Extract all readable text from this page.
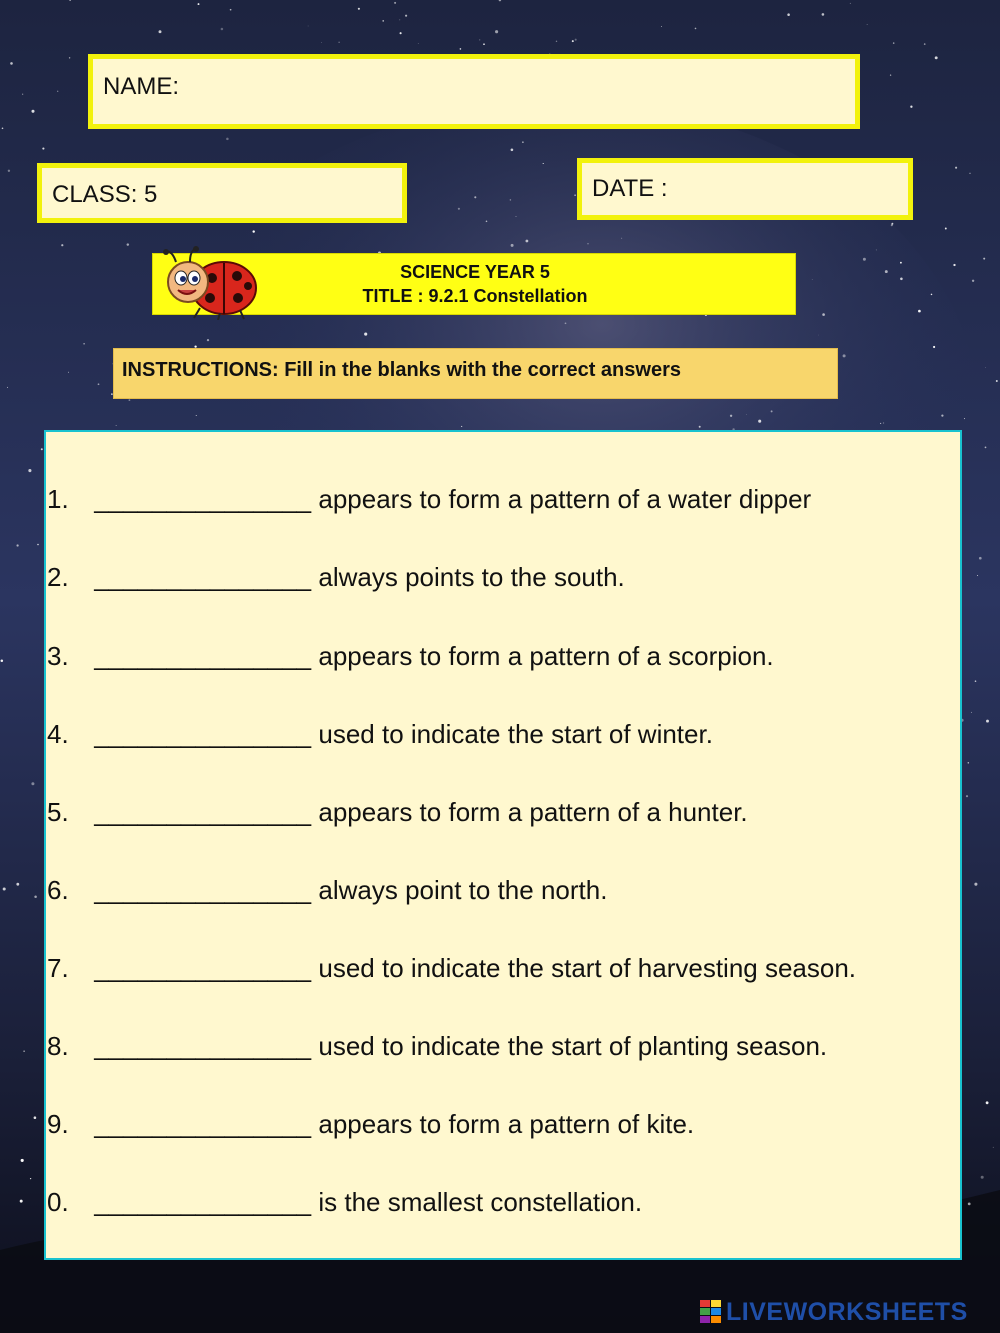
NAME:
CLASS: 5	DATE :
SCIENCE YEAR 5
TITLE : 9.2.1 Constellation
INSTRUCTIONS: Fill in the blanks with the correct answers
1. _______________ appears to form a pattern of a water dipper
2. _______________ always points to the south.
3. _______________ appears to form a pattern of a scorpion.
4. _______________ used to indicate the start of winter.
5. _______________ appears to form a pattern of a hunter.
6. _______________ always point to the north.
7. _______________ used to indicate the start of harvesting season.
8. _______________ used to indicate the start of planting season.
9. _______________ appears to form a pattern of kite.
0. _______________ is the smallest constellation.
LIVEWORKSHEETS
